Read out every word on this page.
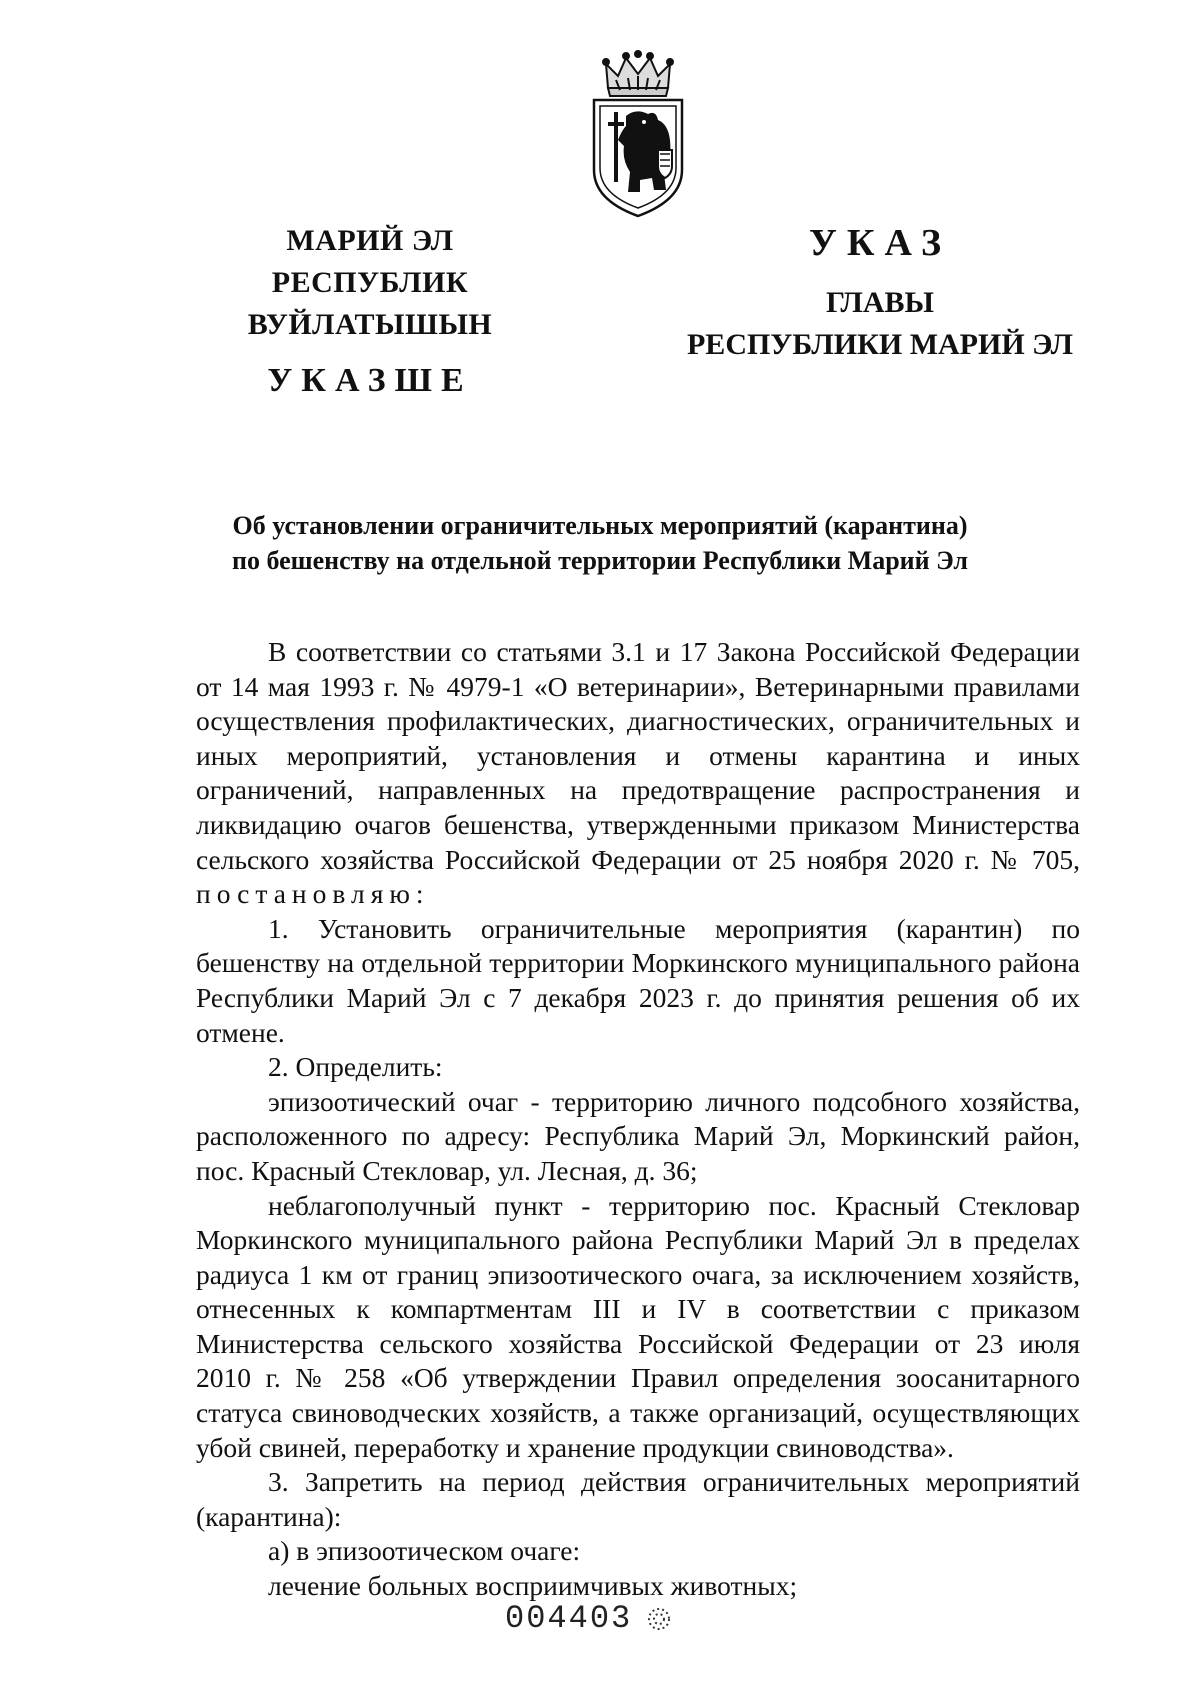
МАРИЙ ЭЛ РЕСПУБЛИК
ВУЙЛАТЫШЫН
УКАЗШЕ
УКАЗ
ГЛАВЫ
РЕСПУБЛИКИ МАРИЙ ЭЛ
Об установлении ограничительных мероприятий (карантина)
по бешенству на отдельной территории Республики Марий Эл

В соответствии со статьями 3.1 и 17 Закона Российской Федерации от 14 мая 1993 г. № 4979-1 «О ветеринарии», Ветеринарными правилами осуществления профилактических, диагностических, ограничительных и иных мероприятий, установления и отмены карантина и иных ограничений, направленных на предотвращение распространения и ликвидацию очагов бешенства, утвержденными приказом Министерства сельского хозяйства Российской Федерации от 25 ноября 2020 г. № 705, постановляю:

1. Установить ограничительные мероприятия (карантин) по бешенству на отдельной территории Моркинского муниципального района Республики Марий Эл с 7 декабря 2023 г. до принятия решения об их отмене.

2. Определить:

эпизоотический очаг - территорию личного подсобного хозяйства, расположенного по адресу: Республика Марий Эл, Моркинский район, пос. Красный Стекловар, ул. Лесная, д. 36;

неблагополучный пункт - территорию пос. Красный Стекловар Моркинского муниципального района Республики Марий Эл в пределах радиуса 1 км от границ эпизоотического очага, за исключением хозяйств, отнесенных к компартментам III и IV в соответствии с приказом Министерства сельского хозяйства Российской Федерации от 23 июля 2010 г. № 258 «Об утверждении Правил определения зоосанитарного статуса свиноводческих хозяйств, а также организаций, осуществляющих убой свиней, переработку и хранение продукции свиноводства».

3. Запретить на период действия ограничительных мероприятий (карантина):

а) в эпизоотическом очаге:

лечение больных восприимчивых животных;

004403
